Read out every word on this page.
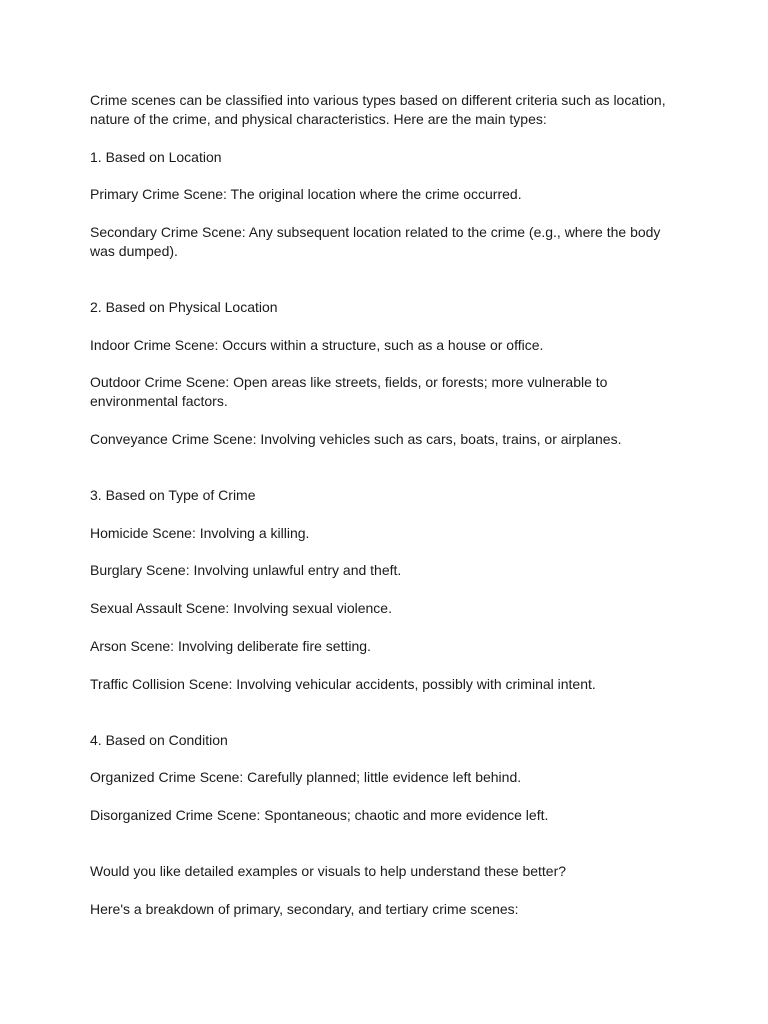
Crime scenes can be classified into various types based on different criteria such as location, nature of the crime, and physical characteristics. Here are the main types:

1. Based on Location

Primary Crime Scene: The original location where the crime occurred.

Secondary Crime Scene: Any subsequent location related to the crime (e.g., where the body was dumped).

2. Based on Physical Location

Indoor Crime Scene: Occurs within a structure, such as a house or office.

Outdoor Crime Scene: Open areas like streets, fields, or forests; more vulnerable to environmental factors.

Conveyance Crime Scene: Involving vehicles such as cars, boats, trains, or airplanes.

3. Based on Type of Crime

Homicide Scene: Involving a killing.

Burglary Scene: Involving unlawful entry and theft.

Sexual Assault Scene: Involving sexual violence.

Arson Scene: Involving deliberate fire setting.

Traffic Collision Scene: Involving vehicular accidents, possibly with criminal intent.

4. Based on Condition

Organized Crime Scene: Carefully planned; little evidence left behind.

Disorganized Crime Scene: Spontaneous; chaotic and more evidence left.

Would you like detailed examples or visuals to help understand these better?

Here's a breakdown of primary, secondary, and tertiary crime scenes:
